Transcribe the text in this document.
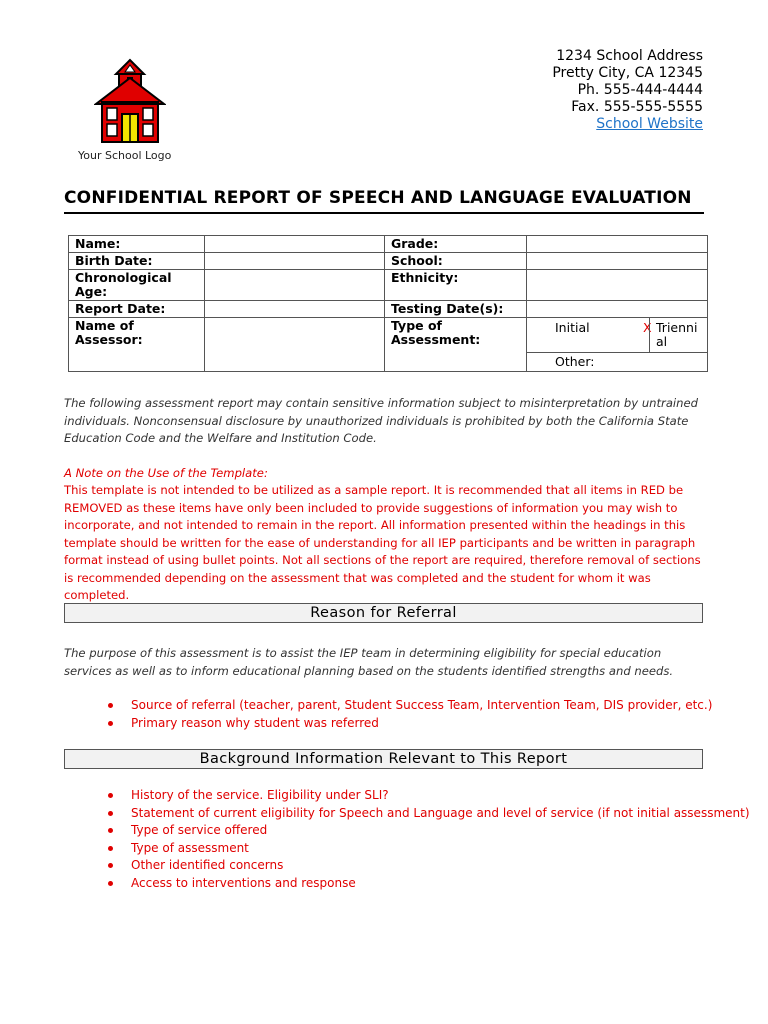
Your School Logo
1234 School Address
Pretty City, CA 12345
Ph. 555-444-4444
Fax. 555-555-5555
School Website
CONFIDENTIAL REPORT OF SPEECH AND LANGUAGE EVALUATION
Name:		Grade:	
Birth Date:		School:	
Chronological Age:		Ethnicity:	
Report Date:		Testing Date(s):	
Name of Assessor:		Type of Assessment:	Initial X Trienni al

			Other:
The following assessment report may contain sensitive information subject to misinterpretation by untrained individuals. Nonconsensual disclosure by unauthorized individuals is prohibited by both the California State Education Code and the Welfare and Institution Code.
A Note on the Use of the Template:
This template is not intended to be utilized as a sample report. It is recommended that all items in RED be REMOVED as these items have only been included to provide suggestions of information you may wish to incorporate, and not intended to remain in the report. All information presented within the headings in this template should be written for the ease of understanding for all IEP participants and be written in paragraph format instead of using bullet points. Not all sections of the report are required, therefore removal of sections is recommended depending on the assessment that was completed and the student for whom it was completed.
Reason for Referral
The purpose of this assessment is to assist the IEP team in determining eligibility for special education services as well as to inform educational planning based on the students identified strengths and needs.
Source of referral (teacher, parent, Student Success Team, Intervention Team, DIS provider, etc.)
Primary reason why student was referred
Background Information Relevant to This Report
History of the service. Eligibility under SLI?
Statement of current eligibility for Speech and Language and level of service (if not initial assessment)
Type of service offered
Type of assessment
Other identified concerns
Access to interventions and response
